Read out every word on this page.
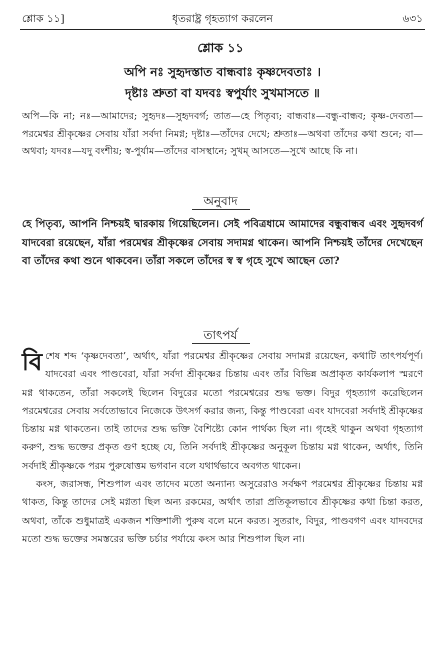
শ্লোক ১১]	ধৃতরাষ্ট্র গৃহত্যাগ করলেন	৬৩১
শ্লোক ১১
অপি নঃ সুহৃদস্তাত বান্ধবাঃ কৃষ্ণদেবতাঃ ।
দৃষ্টাঃ শ্রুতা বা যদবঃ স্বপুর্যাং সুখমাসতে ॥
অপি—কি না; নঃ—আমাদের; সুহৃদঃ—সুহৃদবর্গ; তাত—হে পিতৃব্য; বান্ধবাঃ—বন্ধু-বান্ধব; কৃষ্ণ-দেবতা—পরমেশ্বর শ্রীকৃষ্ণের সেবায় যাঁরা সর্বদা নিমগ্ন; দৃষ্টাঃ—তাঁদের দেখে; শ্রুতাঃ—অথবা তাঁদের কথা শুনে; বা—অথবা; যদবঃ—যদু বংশীয়; স্ব-পুর্যাম—তাঁদের বাসস্থানে; সুখম্ আসতে—সুখে আছে কি না।
অনুবাদ
হে পিতৃব্য, আপনি নিশ্চয়ই দ্বারকায় গিয়েছিলেন। সেই পবিত্রধামে আমাদের বন্ধুবান্ধব এবং সুহৃদবর্গ যাদবেরা রয়েছেন, যাঁরা পরমেশ্বর শ্রীকৃষ্ণের সেবায় সদামগ্ন থাকেন। আপনি নিশ্চয়ই তাঁদের দেখেছেন বা তাঁদের কথা শুনে থাকবেন। তাঁরা সকলে তাঁদের স্ব স্ব গৃহে সুখে আছেন তো?
তাৎপর্য

বিশেষ শব্দ ‘কৃষ্ণদেবতা’, অর্থাৎ, যাঁরা পরমেশ্বর শ্রীকৃষ্ণের সেবায় সদামগ্ন রয়েছেন, কথাটি তাৎপর্যপূর্ণ। যাদবেরা এবং পাণ্ডবেরা, যাঁরা সর্বদা শ্রীকৃষ্ণের চিন্তায় এবং তাঁর বিভিন্ন অপ্রাকৃত কার্যকলাপ স্মরণে মগ্ন থাকতেন, তাঁরা সকলেই ছিলেন বিদুরের মতো পরমেশ্বরের শুদ্ধ ভক্ত। বিদুর গৃহত্যাগ করেছিলেন পরমেশ্বরের সেবায় সর্বতোভাবে নিজেকে উৎসর্গ করার জন্য, কিন্তু পাণ্ডবেরা এবং যাদবেরা সর্বদাই শ্রীকৃষ্ণের চিন্তায় মগ্ন থাকতেন। তাই তাদের শুদ্ধ ভক্তি বৈশিষ্ট্যে কোন পার্থক্য ছিল না। গৃহেই থাকুন অথবা গৃহত্যাগ করুণ, শুদ্ধ ভক্তের প্রকৃত গুণ হচ্ছে যে, তিনি সর্বদাই শ্রীকৃষ্ণের অনুকূল চিন্তায় মগ্ন থাকেন, অর্থাৎ, তিনি সর্বদাই শ্রীকৃষ্ণকে পরম পুরুষোত্তম ভগবান বলে যথার্থভাবে অবগত থাকেন।

কংস, জরাসন্ধ, শিশুপাল এবং তাদেব মতো অন্যান্য অসুরেরাও সর্বক্ষণ পরমেশ্বর শ্রীকৃষ্ণের চিন্তায় মগ্ন থাকত, কিন্তু তাদের সেই মগ্নতা ছিল অন্য রকমের, অর্থাৎ তারা প্রতিকূলভাবে শ্রীকৃষ্ণের কথা চিন্তা করত, অথবা, তাঁকে শুধুমাত্রই একজন শক্তিশালী পুরুষ বলে মনে করত। সুতরাং, বিদুর, পাণ্ডবগণ এবং যাদবদের মতো শুদ্ধ ভক্তের সমস্তরের ভক্তি চর্চার পর্যায়ে কংস আর শিশুপাল ছিল না।
